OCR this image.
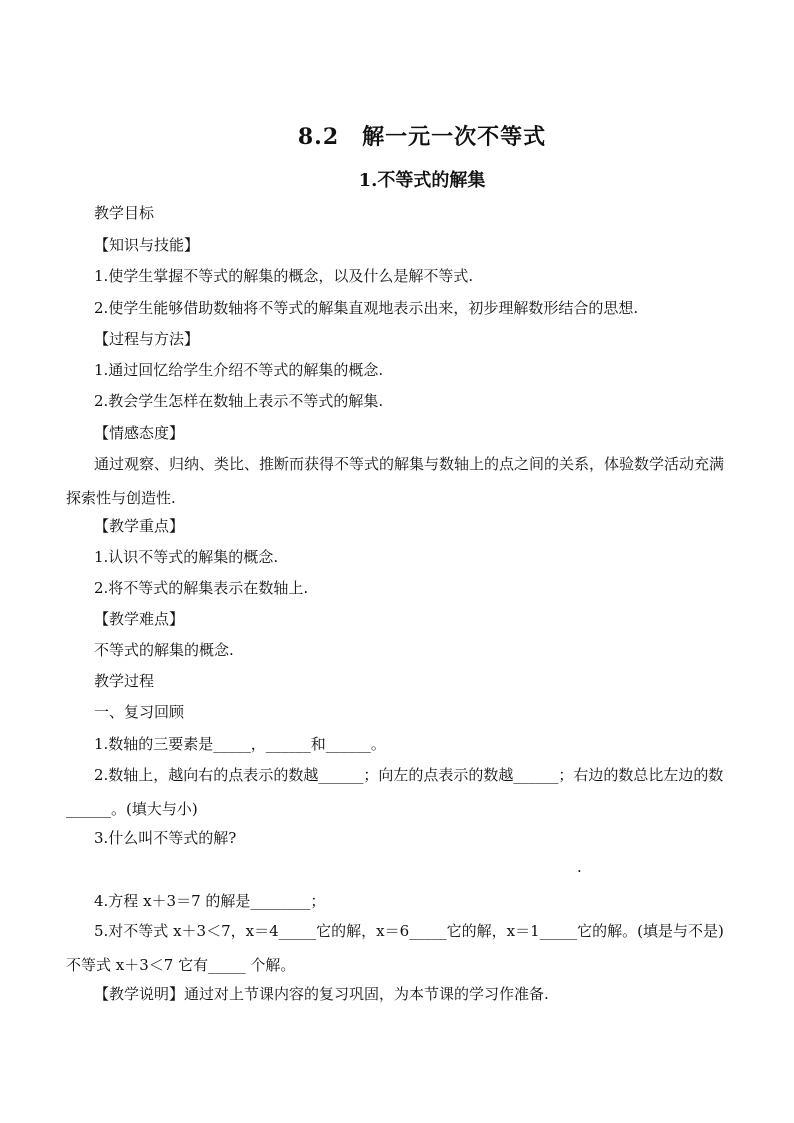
8.2　解一元一次不等式
1.不等式的解集
教学目标
【知识与技能】
1.使学生掌握不等式的解集的概念，以及什么是解不等式.
2.使学生能够借助数轴将不等式的解集直观地表示出来，初步理解数形结合的思想.
【过程与方法】
1.通过回忆给学生介绍不等式的解集的概念.
2.教会学生怎样在数轴上表示不等式的解集.
【情感态度】
通过观察、归纳、类比、推断而获得不等式的解集与数轴上的点之间的关系，体验数学活动充满探索性与创造性.
【教学重点】
1.认识不等式的解集的概念.
2.将不等式的解集表示在数轴上.
【教学难点】
不等式的解集的概念.
教学过程
一、复习回顾
1.数轴的三要素是_____，______和______。
2.数轴上，越向右的点表示的数越______；向左的点表示的数越______；右边的数总比左边的数______。(填大与小)
3.什么叫不等式的解?
.
4.方程 x＋3＝7 的解是________；
5.对不等式 x＋3＜7，x＝4_____它的解，x＝6_____它的解，x＝1_____它的解。(填是与不是)不等式 x＋3＜7 它有_____ 个解。
【教学说明】通过对上节课内容的复习巩固，为本节课的学习作准备.
